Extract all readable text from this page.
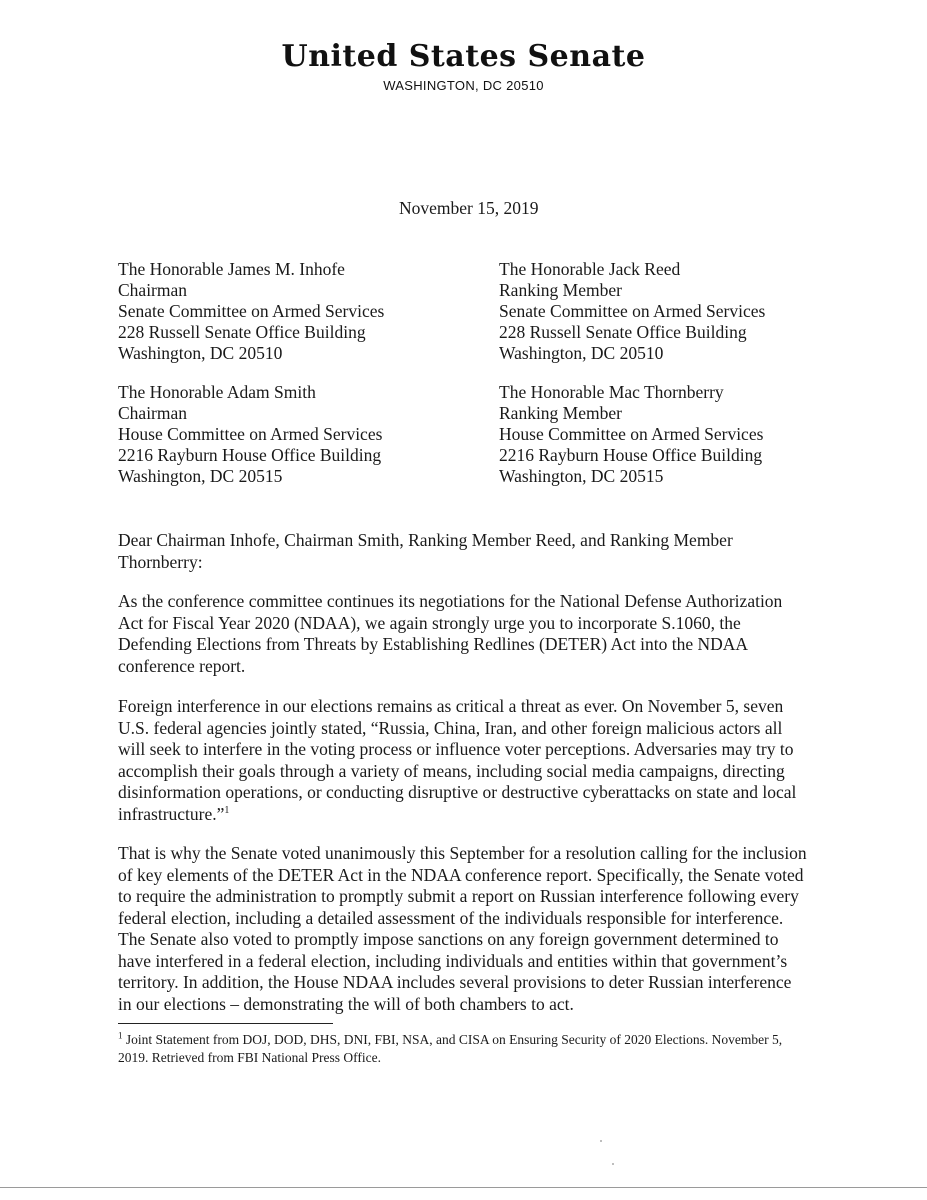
United States Senate
WASHINGTON, DC 20510
November 15, 2019
The Honorable James M. Inhofe
Chairman
Senate Committee on Armed Services
228 Russell Senate Office Building
Washington, DC 20510
The Honorable Jack Reed
Ranking Member
Senate Committee on Armed Services
228 Russell Senate Office Building
Washington, DC 20510
The Honorable Adam Smith
Chairman
House Committee on Armed Services
2216 Rayburn House Office Building
Washington, DC 20515
The Honorable Mac Thornberry
Ranking Member
House Committee on Armed Services
2216 Rayburn House Office Building
Washington, DC 20515
Dear Chairman Inhofe, Chairman Smith, Ranking Member Reed, and Ranking Member Thornberry:
As the conference committee continues its negotiations for the National Defense Authorization Act for Fiscal Year 2020 (NDAA), we again strongly urge you to incorporate S.1060, the Defending Elections from Threats by Establishing Redlines (DETER) Act into the NDAA conference report.
Foreign interference in our elections remains as critical a threat as ever. On November 5, seven U.S. federal agencies jointly stated, “Russia, China, Iran, and other foreign malicious actors all will seek to interfere in the voting process or influence voter perceptions. Adversaries may try to accomplish their goals through a variety of means, including social media campaigns, directing disinformation operations, or conducting disruptive or destructive cyberattacks on state and local infrastructure.”$^1$
That is why the Senate voted unanimously this September for a resolution calling for the inclusion of key elements of the DETER Act in the NDAA conference report. Specifically, the Senate voted to require the administration to promptly submit a report on Russian interference following every federal election, including a detailed assessment of the individuals responsible for interference. The Senate also voted to promptly impose sanctions on any foreign government determined to have interfered in a federal election, including individuals and entities within that government’s territory. In addition, the House NDAA includes several provisions to deter Russian interference in our elections – demonstrating the will of both chambers to act.
$^1$ Joint Statement from DOJ, DOD, DHS, DNI, FBI, NSA, and CISA on Ensuring Security of 2020 Elections. November 5, 2019. Retrieved from FBI National Press Office.
